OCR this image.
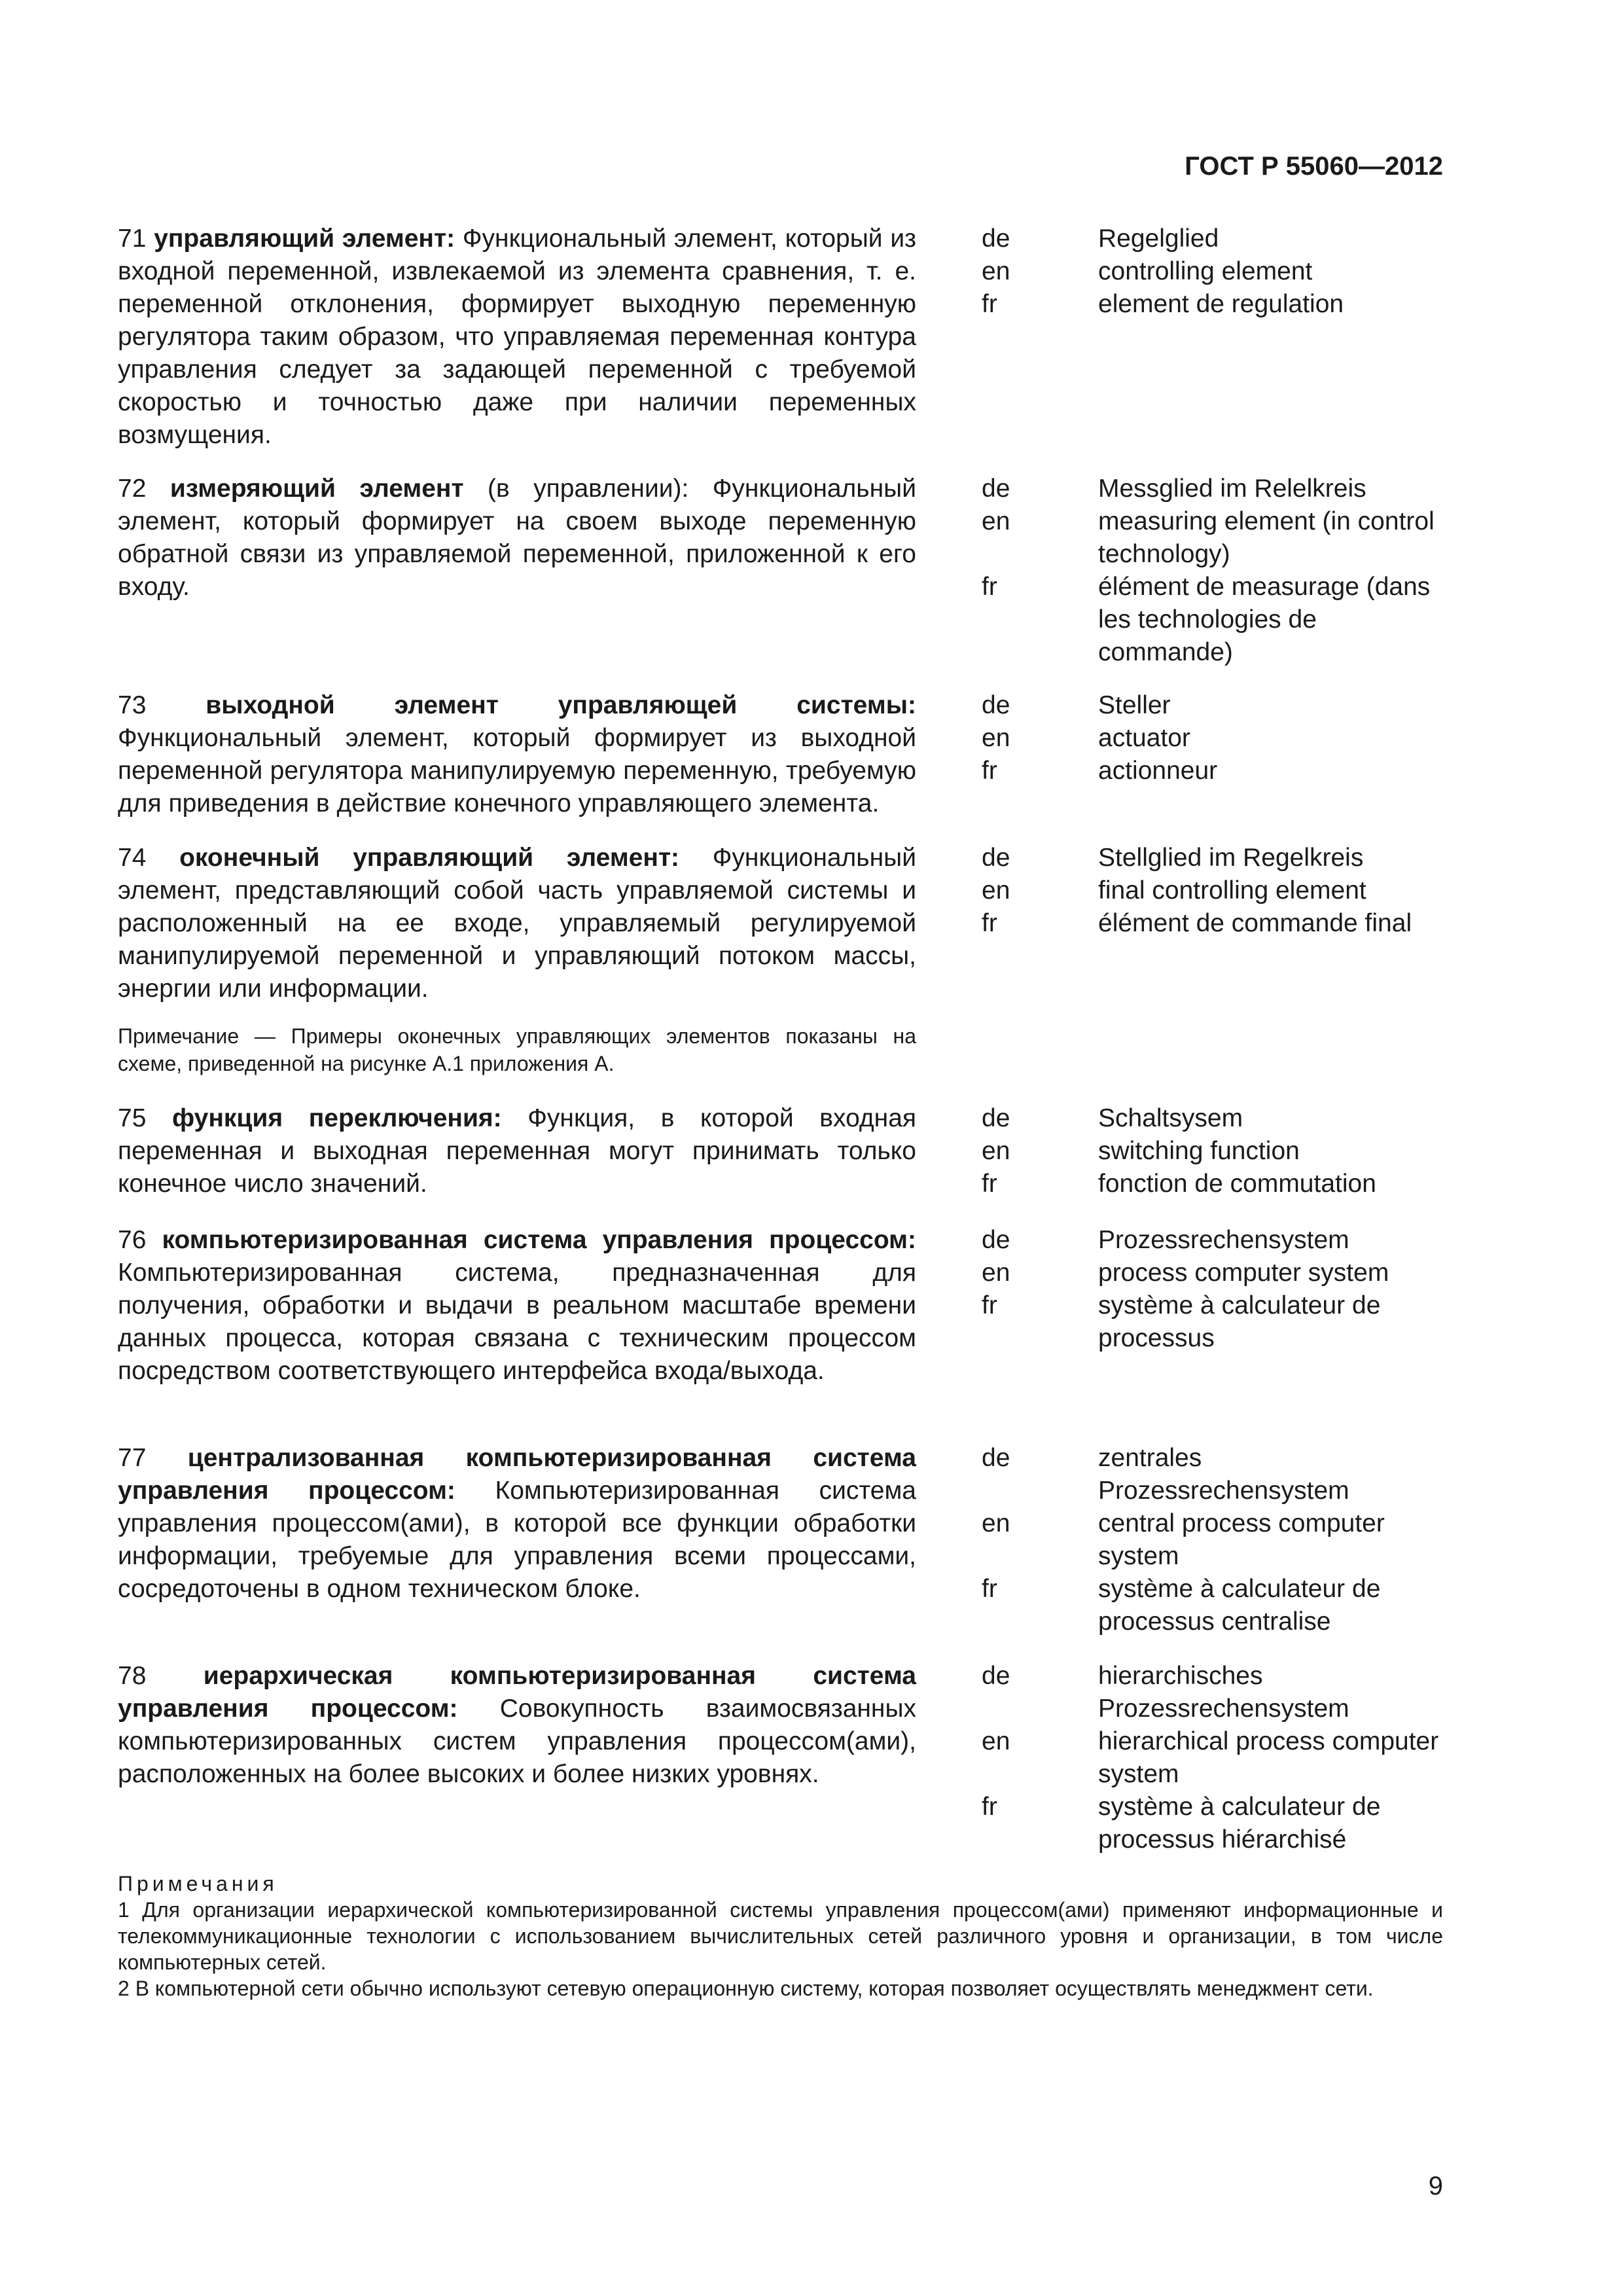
ГОСТ Р 55060—2012
71 управляющий элемент: Функциональный элемент, который из входной переменной, извлекаемой из элемента сравнения, т. е. переменной отклонения, формирует выходную переменную регулятора таким образом, что управляемая переменная контура управления следует за задающей переменной с требуемой скоростью и точностью даже при наличии переменных возмущения.
de	Regelglied
en	controlling element
fr	element de regulation
72 измеряющий элемент (в управлении): Функциональный элемент, который формирует на своем выходе переменную обратной связи из управляемой переменной, приложенной к его входу.
de	Messglied im Relelkreis
en	measuring element (in control technology)
fr	élément de measurage (dans les technologies de commande)
73 выходной элемент управляющей системы: Функциональный элемент, который формирует из выходной переменной регулятора манипулируемую переменную, требуемую для приведения в действие конечного управляющего элемента.
de	Steller
en	actuator
fr	actionneur
74 оконечный управляющий элемент: Функциональный элемент, представляющий собой часть управляемой системы и расположенный на ее входе, управляемый регулируемой манипулируемой переменной и управляющий потоком массы, энергии или информации.
de	Stellglied im Regelkreis
en	final controlling element
fr	élément de commande final
Примечание — Примеры оконечных управляющих элементов показаны на схеме, приведенной на рисунке А.1 приложения А.
75 функция переключения: Функция, в которой входная переменная и выходная переменная могут принимать только конечное число значений.
de	Schaltsysem
en	switching function
fr	fonction de commutation
76 компьютеризированная система управления процессом: Компьютеризированная система, предназначенная для получения, обработки и выдачи в реальном масштабе времени данных процесса, которая связана с техническим процессом посредством соответствующего интерфейса входа/выхода.
de	Prozessrechensystem
en	process computer system
fr	système à calculateur de processus
77 централизованная компьютеризированная система управления процессом: Компьютеризированная система управления процессом(ами), в которой все функции обработки информации, требуемые для управления всеми процессами, сосредоточены в одном техническом блоке.
de	zentrales Prozessrechensystem
en	central process computer system
fr	système à calculateur de processus centralise
78 иерархическая компьютеризированная система управления процессом: Совокупность взаимосвязанных компьютеризированных систем управления процессом(ами), расположенных на более высоких и более низких уровнях.
de	hierarchisches Prozessrechensystem
en	hierarchical process computer system
fr	système à calculateur de processus hiérarchisé
Примечания
1 Для организации иерархической компьютеризированной системы управления процессом(ами) применяют информационные и телекоммуникационные технологии с использованием вычислительных сетей различного уровня и организации, в том числе компьютерных сетей.
2 В компьютерной сети обычно используют сетевую операционную систему, которая позволяет осуществлять менеджмент сети.
9
